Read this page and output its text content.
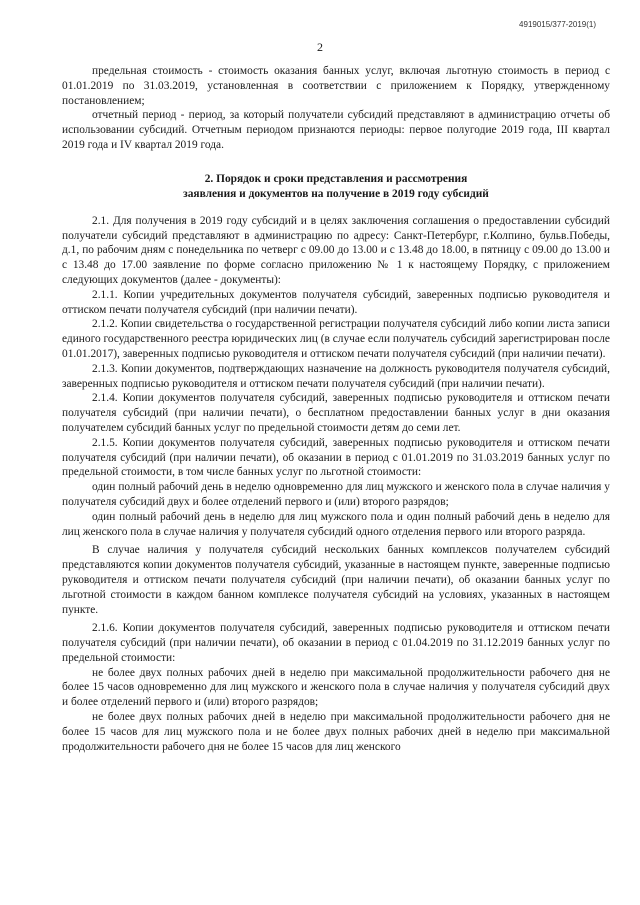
4919015/377-2019(1)
2

предельная стоимость - стоимость оказания банных услуг, включая льготную стоимость в период с 01.01.2019 по 31.03.2019, установленная в соответствии с приложением к Порядку, утвержденному постановлением;

отчетный период - период, за который получатели субсидий представляют в администрацию отчеты об использовании субсидий. Отчетным периодом признаются периоды: первое полугодие 2019 года, III квартал 2019 года и IV квартал 2019 года.

2. Порядок и сроки представления и рассмотрения
заявления и документов на получение в 2019 году субсидий

2.1. Для получения в 2019 году субсидий и в целях заключения соглашения о предоставлении субсидий получатели субсидий представляют в администрацию по адресу: Санкт-Петербург, г.Колпино, бульв.Победы, д.1, по рабочим дням с понедельника по четверг с 09.00 до 13.00 и с 13.48 до 18.00, в пятницу с 09.00 до 13.00 и с 13.48 до 17.00 заявление по форме согласно приложению № 1 к настоящему Порядку, с приложением следующих документов (далее - документы):

2.1.1. Копии учредительных документов получателя субсидий, заверенных подписью руководителя и оттиском печати получателя субсидий (при наличии печати).

2.1.2. Копии свидетельства о государственной регистрации получателя субсидий либо копии листа записи единого государственного реестра юридических лиц (в случае если получатель субсидий зарегистрирован после 01.01.2017), заверенных подписью руководителя и оттиском печати получателя субсидий (при наличии печати).

2.1.3. Копии документов, подтверждающих назначение на должность руководителя получателя субсидий, заверенных подписью руководителя и оттиском печати получателя субсидий (при наличии печати).

2.1.4. Копии документов получателя субсидий, заверенных подписью руководителя и оттиском печати получателя субсидий (при наличии печати), о бесплатном предоставлении банных услуг в дни оказания получателем субсидий банных услуг по предельной стоимости детям до семи лет.

2.1.5. Копии документов получателя субсидий, заверенных подписью руководителя и оттиском печати получателя субсидий (при наличии печати), об оказании в период с 01.01.2019 по 31.03.2019 банных услуг по предельной стоимости, в том числе банных услуг по льготной стоимости:

один полный рабочий день в неделю одновременно для лиц мужского и женского пола в случае наличия у получателя субсидий двух и более отделений первого и (или) второго разрядов;

один полный рабочий день в неделю для лиц мужского пола и один полный рабочий день в неделю для лиц женского пола в случае наличия у получателя субсидий одного отделения первого или второго разряда.

В случае наличия у получателя субсидий нескольких банных комплексов получателем субсидий представляются копии документов получателя субсидий, указанные в настоящем пункте, заверенные подписью руководителя и оттиском печати получателя субсидий (при наличии печати), об оказании банных услуг по льготной стоимости в каждом банном комплексе получателя субсидий на условиях, указанных в настоящем пункте.

2.1.6. Копии документов получателя субсидий, заверенных подписью руководителя и оттиском печати получателя субсидий (при наличии печати), об оказании в период с 01.04.2019 по 31.12.2019 банных услуг по предельной стоимости:

не более двух полных рабочих дней в неделю при максимальной продолжительности рабочего дня не более 15 часов одновременно для лиц мужского и женского пола в случае наличия у получателя субсидий двух и более отделений первого и (или) второго разрядов;

не более двух полных рабочих дней в неделю при максимальной продолжительности рабочего дня не более 15 часов для лиц мужского пола и не более двух полных рабочих дней в неделю при максимальной продолжительности рабочего дня не более 15 часов для лиц женского
